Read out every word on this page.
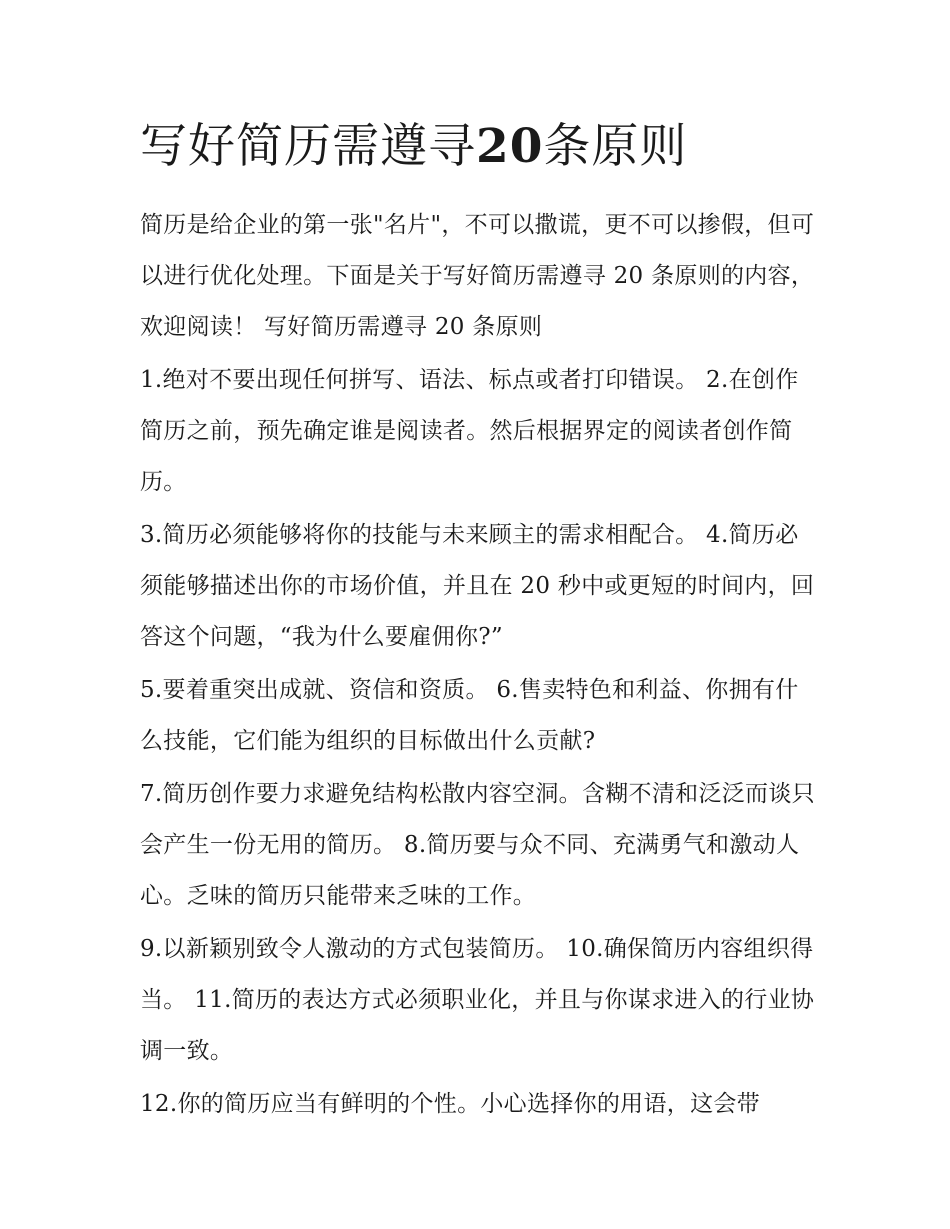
写好简历需遵寻20条原则

简历是给企业的第一张"名片"，不可以撒谎，更不可以掺假，但可以进行优化处理。下面是关于写好简历需遵寻 20 条原则的内容，欢迎阅读！ 写好简历需遵寻 20 条原则

1.绝对不要出现任何拼写、语法、标点或者打印错误。 2.在创作简历之前，预先确定谁是阅读者。然后根据界定的阅读者创作简历。

3.简历必须能够将你的技能与未来顾主的需求相配合。 4.简历必须能够描述出你的市场价值，并且在 20 秒中或更短的时间内，回答这个问题，“我为什么要雇佣你?”

5.要着重突出成就、资信和资质。 6.售卖特色和利益、你拥有什么技能，它们能为组织的目标做出什么贡献?

7.简历创作要力求避免结构松散内容空洞。含糊不清和泛泛而谈只会产生一份无用的简历。 8.简历要与众不同、充满勇气和激动人心。乏味的简历只能带来乏味的工作。

9.以新颖别致令人激动的方式包装简历。 10.确保简历内容组织得当。 11.简历的表达方式必须职业化，并且与你谋求进入的行业协调一致。

12.你的简历应当有鲜明的个性。小心选择你的用语，这会带
